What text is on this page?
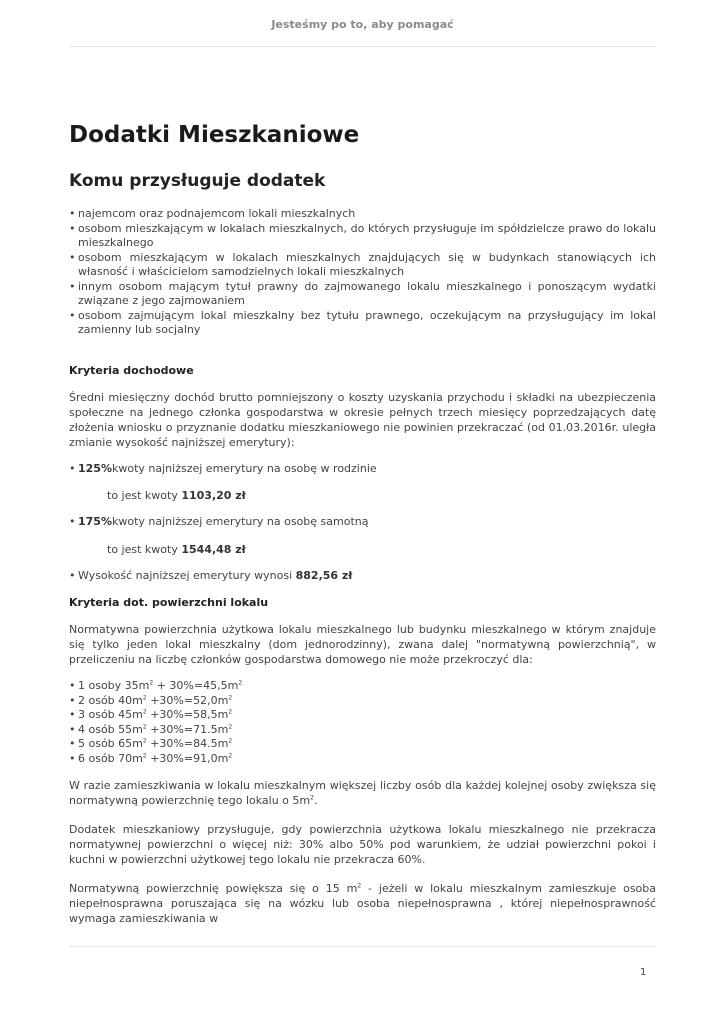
Jesteśmy po to, aby pomagać
Dodatki Mieszkaniowe
Komu przysługuje dodatek
• najemcom oraz podnajemcom lokali mieszkalnych
• osobom mieszkającym w lokalach mieszkalnych, do których przysługuje im spółdzielcze prawo do lokalu mieszkalnego
• osobom mieszkającym w lokalach mieszkalnych znajdujących się w budynkach stanowiących ich własność i właścicielom samodzielnych lokali mieszkalnych
• innym osobom mającym tytuł prawny do zajmowanego lokalu mieszkalnego i ponoszącym wydatki związane z jego zajmowaniem
• osobom zajmującym lokal mieszkalny bez tytułu prawnego, oczekującym na przysługujący im lokal zamienny lub socjalny
Kryteria dochodowe

Średni miesięczny dochód brutto pomniejszony o koszty uzyskania przychodu i składki na ubezpieczenia społeczne na jednego członka gospodarstwa w okresie pełnych trzech miesięcy poprzedzających datę złożenia wniosku o przyznanie dodatku mieszkaniowego nie powinien przekraczać (od 01.03.2016r. uległa zmianie wysokość najniższej emerytury):

• 125%kwoty najniższej emerytury na osobę w rodzinie

to jest kwoty 1103,20 zł

• 175%kwoty najniższej emerytury na osobę samotną

to jest kwoty 1544,48 zł

• Wysokość najniższej emerytury wynosi 882,56 zł
Kryteria dot. powierzchni lokalu

Normatywna powierzchnia użytkowa lokalu mieszkalnego lub budynku mieszkalnego w którym znajduje się tylko jeden lokal mieszkalny (dom jednorodzinny), zwana dalej "normatywną powierzchnią", w przeliczeniu na liczbę członków gospodarstwa domowego nie może przekroczyć dla:

• 1 osoby $35m^2 + 30\%=45,5m^2$
• 2 osób $40m^2 +30\%=52,0m^2$
• 3 osób $45m^2 +30\%=58,5m^2$
• 4 osób $55m^2 +30\%=71.5m^2$
• 5 osób $65m^2 +30\%=84.5m^2$
• 6 osób $70m^2 +30\%=91,0m^2$

W razie zamieszkiwania w lokalu mieszkalnym większej liczby osób dla każdej kolejnej osoby zwiększa się normatywną powierzchnię tego lokalu o $5m^2$.

Dodatek mieszkaniowy przysługuje, gdy powierzchnia użytkowa lokalu mieszkalnego nie przekracza normatywnej powierzchni o więcej niż: 30% albo 50% pod warunkiem, że udział powierzchni pokoi i kuchni w powierzchni użytkowej tego lokalu nie przekracza 60%.

Normatywną powierzchnię powiększa się o 15 $m^2$ - jeżeli w lokalu mieszkalnym zamieszkuje osoba niepełnosprawna poruszająca się na wózku lub osoba niepełnosprawna , której niepełnosprawność wymaga zamieszkiwania w

1
